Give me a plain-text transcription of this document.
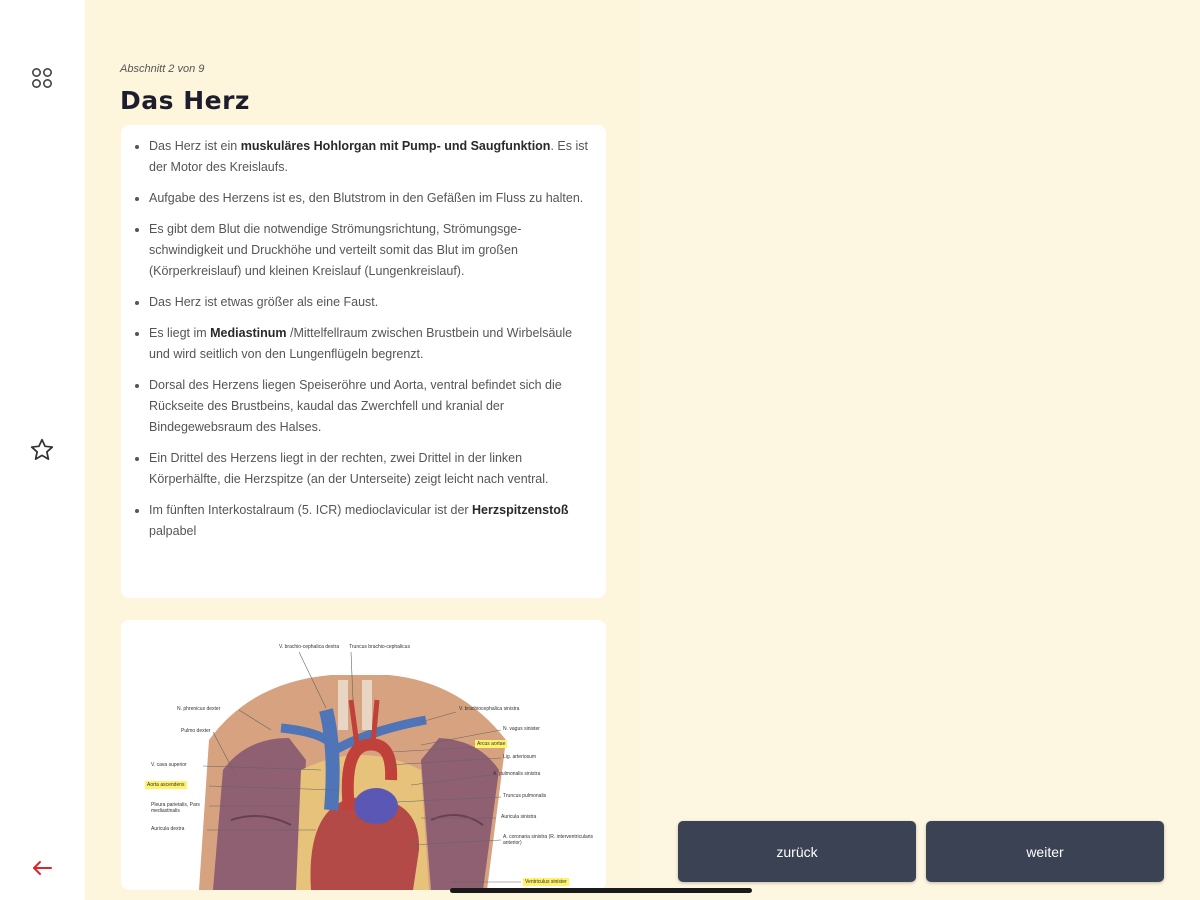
Abschnitt 2 von 9
Das Herz
• Das Herz ist ein muskuläres Hohlorgan mit Pump- und Saugfunktion. Es ist der Motor des Kreislaufs.
• Aufgabe des Herzens ist es, den Blutstrom in den Gefäßen im Fluss zu halten.
• Es gibt dem Blut die notwendige Strömungsrichtung, Strömungsgeschwindigkeit und Druckhöhe und verteilt somit das Blut im großen (Körperkreislauf) und kleinen Kreislauf (Lungenkreislauf).
• Das Herz ist etwas größer als eine Faust.
• Es liegt im Mediastinum /Mittelfellraum zwischen Brustbein und Wirbelsäule und wird seitlich von den Lungenflügeln begrenzt.
• Dorsal des Herzens liegen Speiseröhre und Aorta, ventral befindet sich die Rückseite des Brustbeins, kaudal das Zwerchfell und kranial der Bindegewebsraum des Halses.
• Ein Drittel des Herzens liegt in der rechten, zwei Drittel in der linken Körperhälfte, die Herzspitze (an der Unterseite) zeigt leicht nach ventral.
• Im fünften Interkostalraum (5. ICR) medioclavicular ist der Herzspitzenstoß palpabel
V. brachio-cephalica dextra Truncus brachio-cephalicus
N. phrenicus dexter
Pulmo dexter
V. brachiocephalica sinistra
N. vagus sinister
V. cava superior
Arcus aortae
Lig. arteriosum
Aorta ascendens
A. pulmonalis sinistra
Pleura parietalis, Pars mediastinalis
Truncus pulmonalis
Auricula sinistra
Auricula dextra
A. coronaria sinistra (R. interventricularis anterior)
Ventriculus sinister
zurück	weiter
